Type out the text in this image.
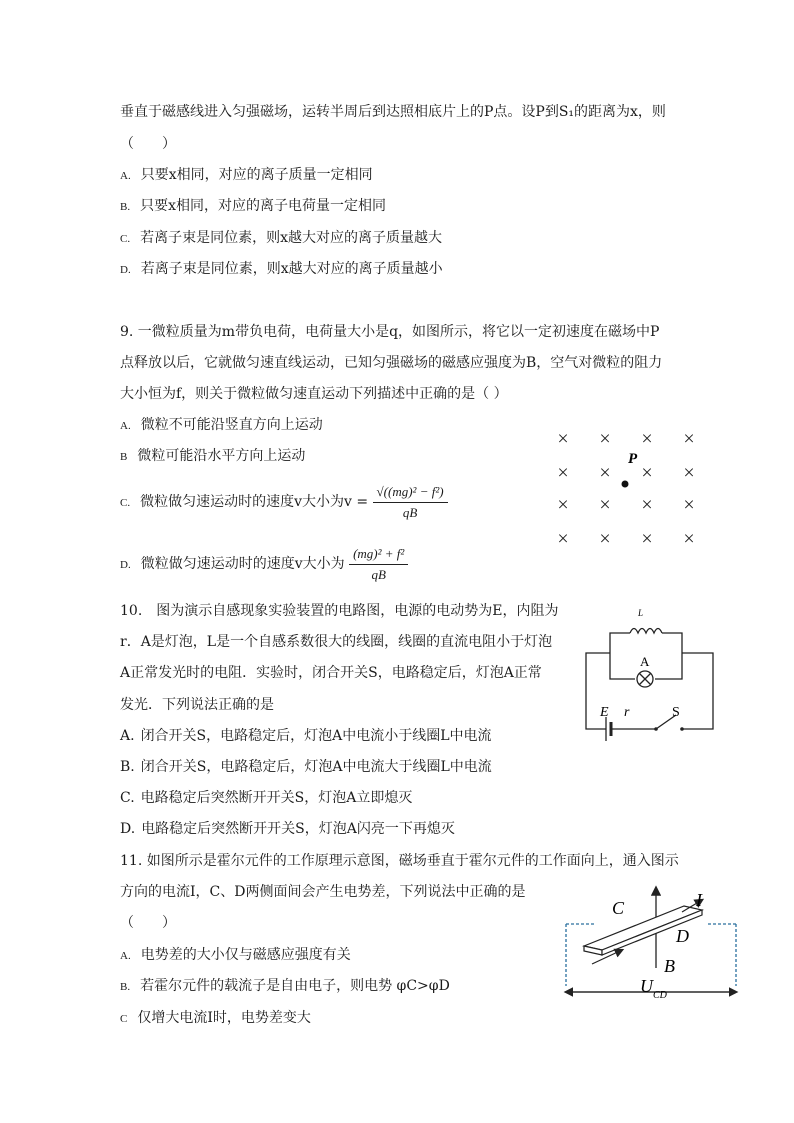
垂直于磁感线进入匀强磁场，运转半周后到达照相底片上的P点。设P到S₁的距离为x，则
（　　）
A. 只要x相同，对应的离子质量一定相同
B. 只要x相同，对应的离子电荷量一定相同
C. 若离子束是同位素，则x越大对应的离子质量越大
D. 若离子束是同位素，则x越大对应的离子质量越小
9. 一微粒质量为m带负电荷，电荷量大小是q，如图所示，将它以一定初速度在磁场中P
点释放以后，它就做匀速直线运动，已知匀强磁场的磁感应强度为B，空气对微粒的阻力
大小恒为f，则关于微粒做匀速直运动下列描述中正确的是（ ）
A. 微粒不可能沿竖直方向上运动
B 微粒可能沿水平方向上运动
C. 微粒做匀速运动时的速度v大小为$v = \frac{\text{√((mg)² − f²)}}{qB}$
D. 微粒做匀速运动时的速度v大小为 $\frac{\text{(mg)² + f²}}{qB}$
× × × ×
× × × ×
× × × ×
× × × ×
P
10.　图为演示自感现象实验装置的电路图，电源的电动势为E，内阻为
r．A是灯泡，L是一个自感系数很大的线圈，线圈的直流电阻小于灯泡
A正常发光时的电阻．实验时，闭合开关S，电路稳定后，灯泡A正常
发光．下列说法正确的是
A. 闭合开关S，电路稳定后，灯泡A中电流小于线圈L中电流
B. 闭合开关S，电路稳定后，灯泡A中电流大于线圈L中电流
C. 电路稳定后突然断开开关S，灯泡A立即熄灭
D. 电路稳定后突然断开开关S，灯泡A闪亮一下再熄灭
L
A
E r	S
11. 如图所示是霍尔元件的工作原理示意图，磁场垂直于霍尔元件的工作面向上，通入图示
方向的电流I，C、D两侧面间会产生电势差，下列说法中正确的是
（　　）
A. 电势差的大小仅与磁感应强度有关
B. 若霍尔元件的载流子是自由电子，则电势 φC>φD
C 仅增大电流I时，电势差变大
C
D
I
B
U CD
